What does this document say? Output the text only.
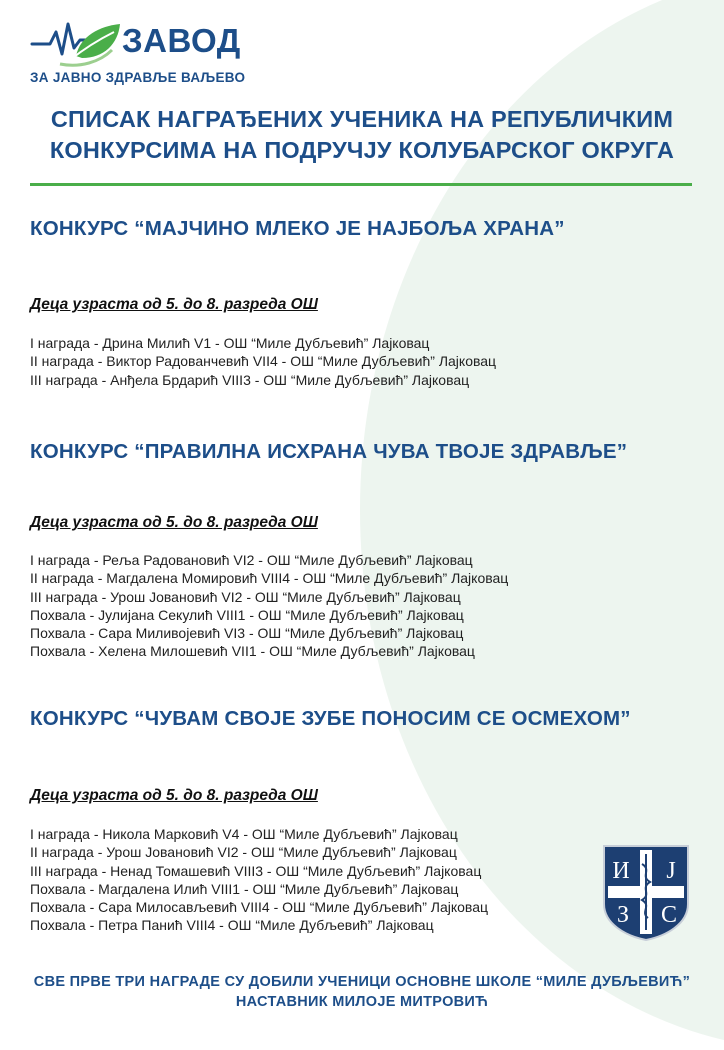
ЗАВОД
ЗА ЈАВНО ЗДРАВЉЕ ВАЉЕВО
СПИСАК НАГРАЂЕНИХ УЧЕНИКА НА РЕПУБЛИЧКИМ
КОНКУРСИМА НА ПОДРУЧЈУ КОЛУБАРСКОГ ОКРУГА
КОНКУРС “МАЈЧИНО МЛЕКО ЈЕ НАЈБОЉА ХРАНА”
Деца узраста од 5. до 8. разреда ОШ
I награда - Дрина Милић V1 - ОШ “Миле Дубљевић” Лајковац
II награда - Виктор Радованчевић VII4 - ОШ “Миле Дубљевић” Лајковац
III награда - Анђела Брдарић VIII3 - ОШ “Миле Дубљевић” Лајковац
КОНКУРС “ПРАВИЛНА ИСХРАНА ЧУВА ТВОЈЕ ЗДРАВЉЕ”
Деца узраста од 5. до 8. разреда ОШ
I награда - Реља Радовановић VI2 - ОШ “Миле Дубљевић” Лајковац
II награда - Магдалена Момировић VIII4 - ОШ “Миле Дубљевић” Лајковац
III награда - Урош Јовановић VI2 - ОШ “Миле Дубљевић” Лајковац
Похвала - Јулијана Секулић VIII1 - ОШ “Миле Дубљевић” Лајковац
Похвала - Сара Миливојевић VI3 - ОШ “Миле Дубљевић” Лајковац
Похвала - Хелена Милошевић VII1 - ОШ “Миле Дубљевић” Лајковац
КОНКУРС “ЧУВАМ СВОЈЕ ЗУБЕ ПОНОСИМ СЕ ОСМЕХОМ”
Деца узраста од 5. до 8. разреда ОШ
I награда - Никола Марковић V4 - ОШ “Миле Дубљевић” Лајковац
II награда - Урош Јовановић VI2 - ОШ “Миле Дубљевић” Лајковац
III награда - Ненад Томашевић VIII3 - ОШ “Миле Дубљевић” Лајковац
Похвала - Магдалена Илић VIII1 - ОШ “Миле Дубљевић” Лајковац
Похвала - Сара Милосављевић VIII4 - ОШ “Миле Дубљевић” Лајковац
Похвала - Петра Панић VIII4 - ОШ “Миле Дубљевић” Лајковац
И Ј
З С
СВЕ ПРВЕ ТРИ НАГРАДЕ СУ ДОБИЛИ УЧЕНИЦИ ОСНОВНЕ ШКОЛЕ “МИЛЕ ДУБЉЕВИЋ”
НАСТАВНИК МИЛОЈЕ МИТРОВИЋ
